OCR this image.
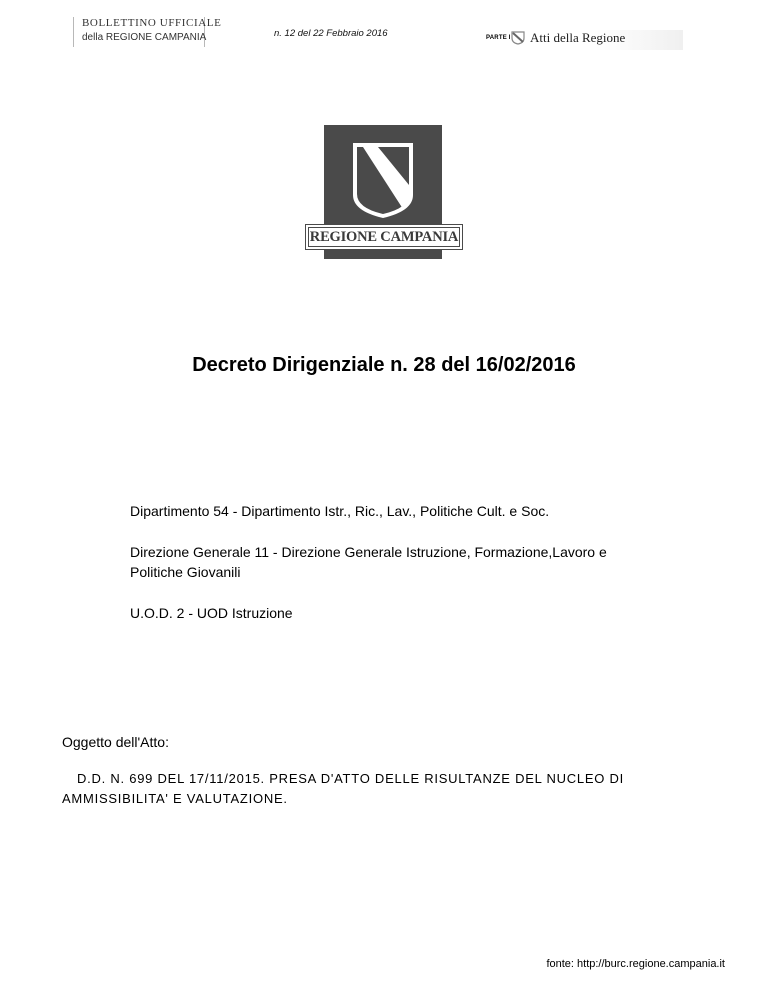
BOLLETTINO UFFICIALE
della REGIONE CAMPANIA	n. 12 del 22 Febbraio 2016	PARTE I Atti della Regione
REGIONE CAMPANIA
Decreto Dirigenziale n. 28 del 16/02/2016
Dipartimento 54 - Dipartimento Istr., Ric., Lav., Politiche Cult. e Soc.
Direzione Generale 11 - Direzione Generale Istruzione, Formazione,Lavoro e
Politiche Giovanili
U.O.D. 2 - UOD Istruzione
Oggetto dell'Atto:
D.D. N. 699 DEL 17/11/2015. PRESA D'ATTO DELLE RISULTANZE DEL NUCLEO DI
AMMISSIBILITA' E VALUTAZIONE.
fonte: http://burc.regione.campania.it
